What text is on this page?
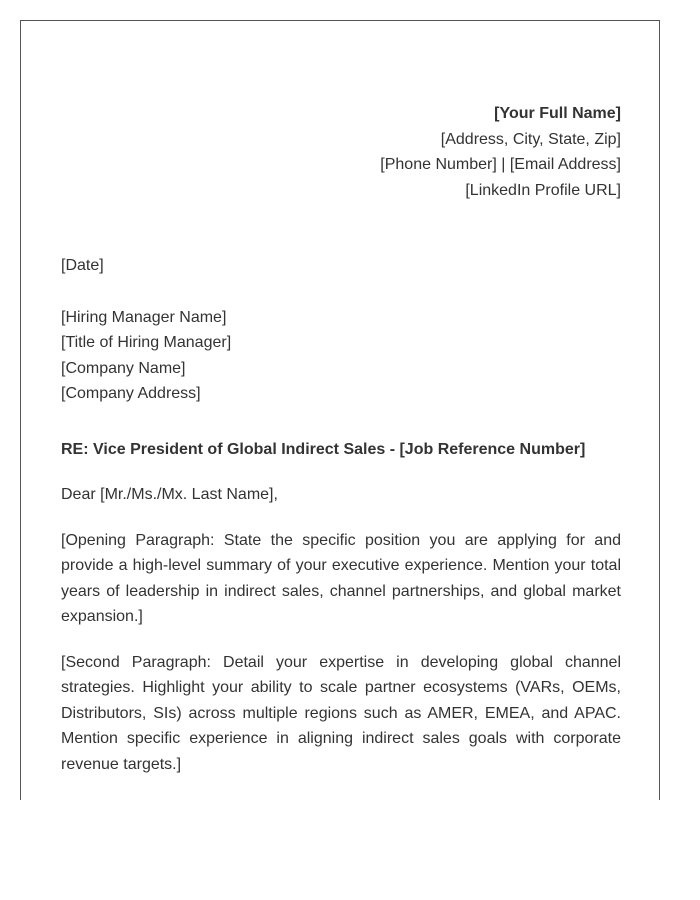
[Your Full Name]
[Address, City, State, Zip]
[Phone Number] | [Email Address]
[LinkedIn Profile URL]
[Date]
[Hiring Manager Name]
[Title of Hiring Manager]
[Company Name]
[Company Address]
RE: Vice President of Global Indirect Sales - [Job Reference Number]
Dear [Mr./Ms./Mx. Last Name],
[Opening Paragraph: State the specific position you are applying for and provide a high-level summary of your executive experience. Mention your total years of leadership in indirect sales, channel partnerships, and global market expansion.]
[Second Paragraph: Detail your expertise in developing global channel strategies. Highlight your ability to scale partner ecosystems (VARs, OEMs, Distributors, SIs) across multiple regions such as AMER, EMEA, and APAC. Mention specific experience in aligning indirect sales goals with corporate revenue targets.]
